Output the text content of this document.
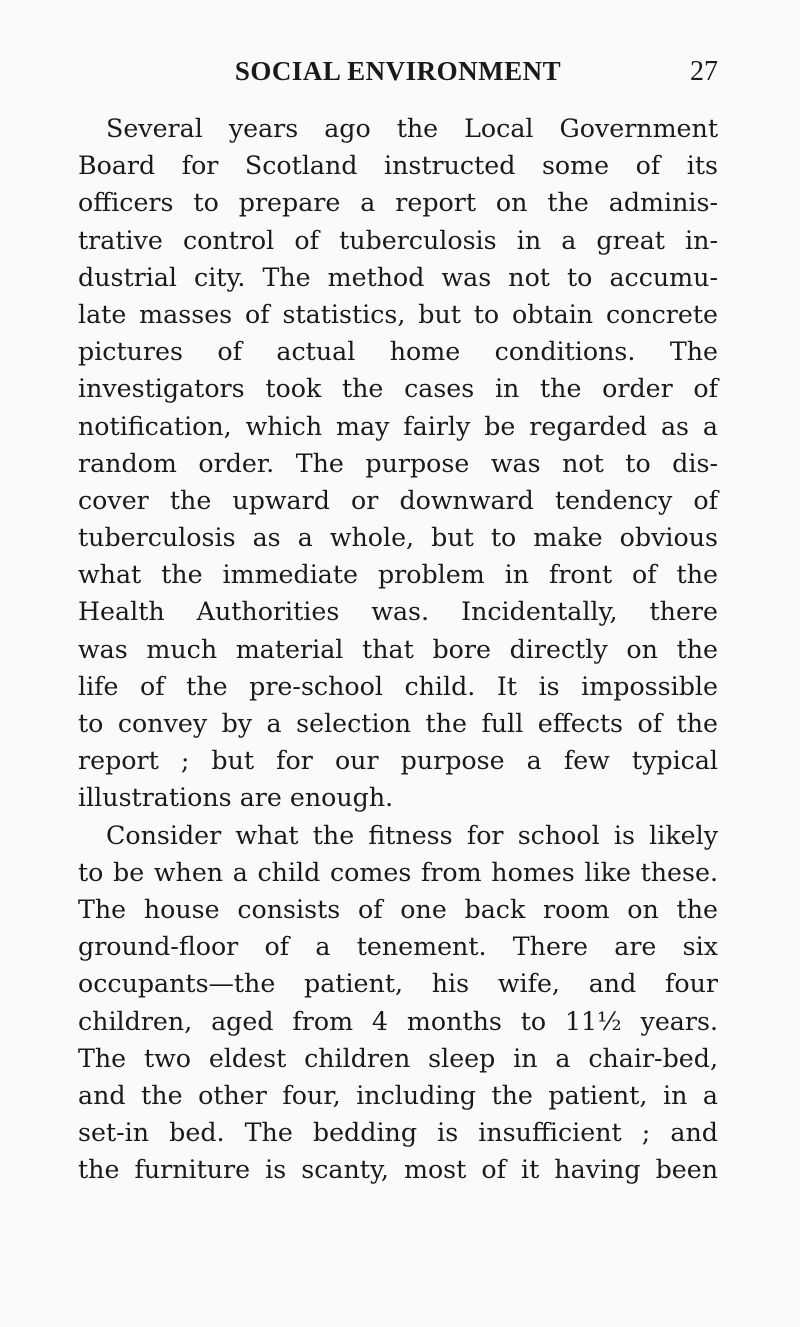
SOCIAL ENVIRONMENT	27
Several years ago the Local Government
Board for Scotland instructed some of its
officers to prepare a report on the adminis-
trative control of tuberculosis in a great in-
dustrial city. The method was not to accumu-
late masses of statistics, but to obtain concrete
pictures of actual home conditions. The
investigators took the cases in the order of
notification, which may fairly be regarded as a
random order. The purpose was not to dis-
cover the upward or downward tendency of
tuberculosis as a whole, but to make obvious
what the immediate problem in front of the
Health Authorities was. Incidentally, there
was much material that bore directly on the
life of the pre-school child. It is impossible
to convey by a selection the full effects of the
report ; but for our purpose a few typical
illustrations are enough.
Consider what the fitness for school is likely
to be when a child comes from homes like these.
The house consists of one back room on the
ground-floor of a tenement. There are six
occupants—the patient, his wife, and four
children, aged from 4 months to 11½ years.
The two eldest children sleep in a chair-bed,
and the other four, including the patient, in a
set-in bed. The bedding is insufficient ; and
the furniture is scanty, most of it having been
